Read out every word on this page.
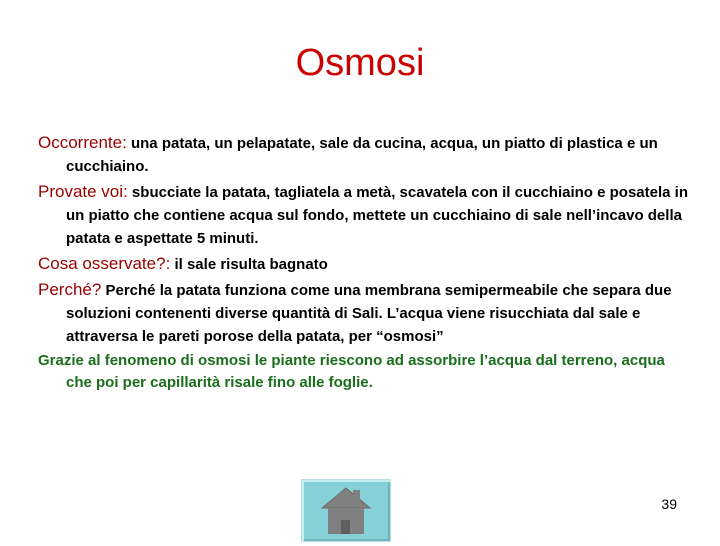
Osmosi

Occorrente: una patata, un pelapatate, sale da cucina, acqua, un piatto di plastica e un cucchiaino.

Provate voi: sbucciate la patata, tagliatela a metà, scavatela con il cucchiaino e posatela in un piatto che contiene acqua sul fondo, mettete un cucchiaino di sale nell’incavo della patata e aspettate 5 minuti.

Cosa osservate?: il sale risulta bagnato

Perché? Perché la patata funziona come una membrana semipermeabile che separa due soluzioni contenenti diverse quantità di Sali. L’acqua viene risucchiata dal sale e attraversa le pareti porose della patata, per “osmosi”

Grazie al fenomeno di osmosi le piante riescono ad assorbire l’acqua dal terreno, acqua che poi per capillarità risale fino alle foglie.

39
